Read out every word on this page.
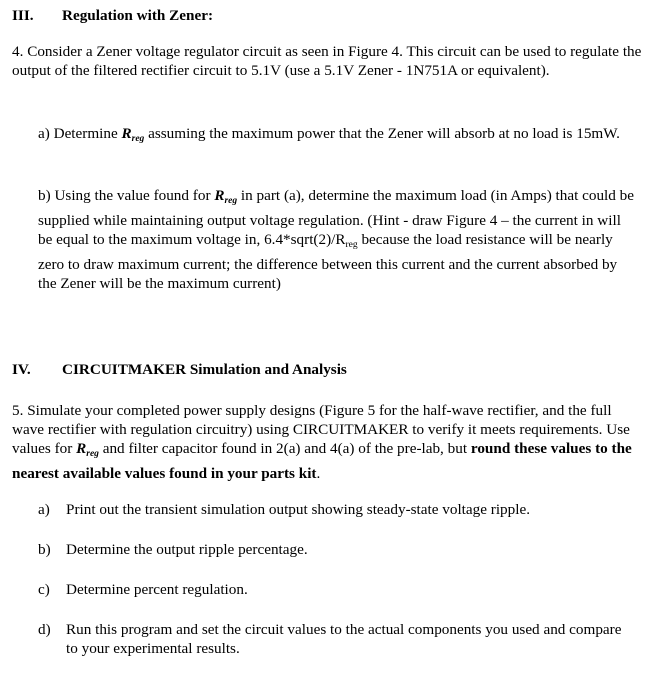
III. Regulation with Zener:
4. Consider a Zener voltage regulator circuit as seen in Figure 4. This circuit can be used to regulate the output of the filtered rectifier circuit to 5.1V (use a 5.1V Zener - 1N751A or equivalent).
a) Determine $R_{reg}$ assuming the maximum power that the Zener will absorb at no load is 15mW.
b) Using the value found for $R_{reg}$ in part (a), determine the maximum load (in Amps) that could be supplied while maintaining output voltage regulation. (Hint - draw Figure 4 – the current in will be equal to the maximum voltage in, $6.4*sqrt(2)/R_{reg}$ because the load resistance will be nearly zero to draw maximum current; the difference between this current and the current absorbed by the Zener will be the maximum current)
IV. CIRCUITMAKER Simulation and Analysis
5. Simulate your completed power supply designs (Figure 5 for the half-wave rectifier, and the full wave rectifier with regulation circuitry) using CIRCUITMAKER to verify it meets requirements. Use values for $R_{reg}$ and filter capacitor found in 2(a) and 4(a) of the pre-lab, but round these values to the nearest available values found in your parts kit.
a) Print out the transient simulation output showing steady-state voltage ripple.
b) Determine the output ripple percentage.
c) Determine percent regulation.
d) Run this program and set the circuit values to the actual components you used and compare to your experimental results.
